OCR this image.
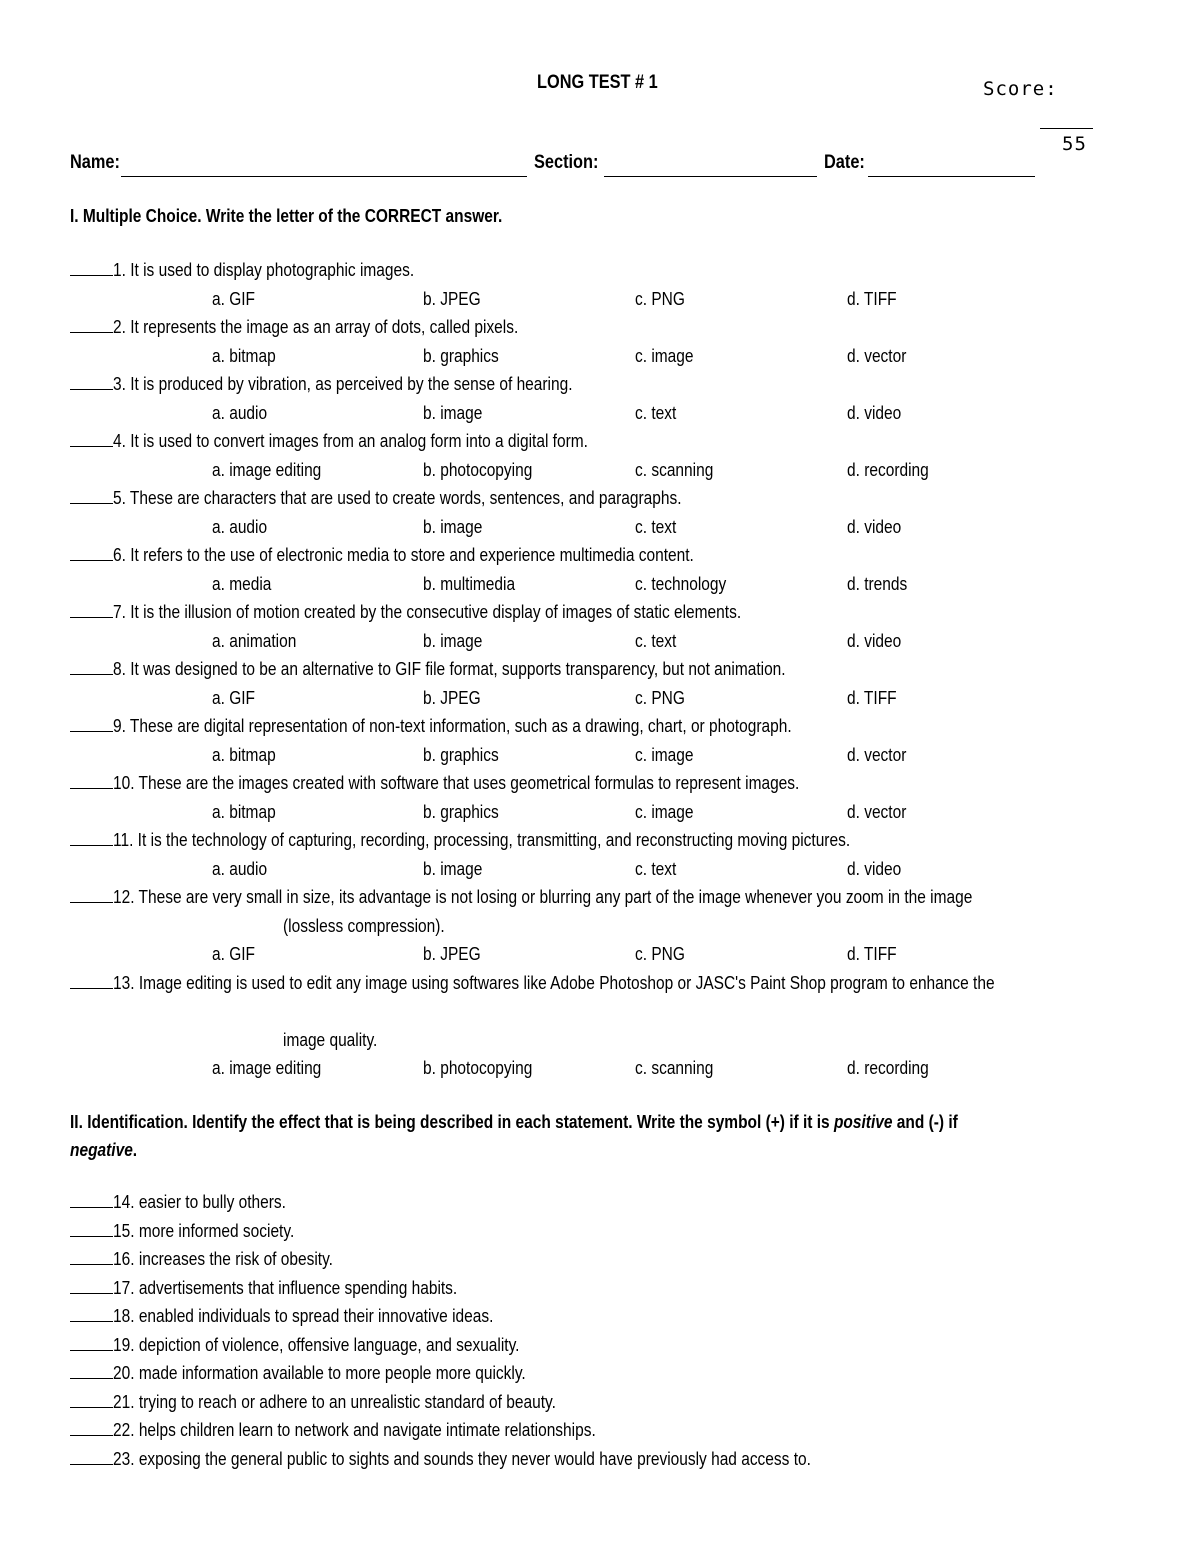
LONG TEST # 1	Score:
55
Name:	Section:	Date:
I. Multiple Choice. Write the letter of the CORRECT answer.
1. It is used to display photographic images.
a. GIF	b. JPEG	c. PNG	d. TIFF
2. It represents the image as an array of dots, called pixels.
a. bitmap	b. graphics	c. image	d. vector
3. It is produced by vibration, as perceived by the sense of hearing.
a. audio	b. image	c. text	d. video
4. It is used to convert images from an analog form into a digital form.
a. image editing	b. photocopying	c. scanning	d. recording
5. These are characters that are used to create words, sentences, and paragraphs.
a. audio	b. image	c. text	d. video
6. It refers to the use of electronic media to store and experience multimedia content.
a. media	b. multimedia	c. technology	d. trends
7. It is the illusion of motion created by the consecutive display of images of static elements.
a. animation	b. image	c. text	d. video
8. It was designed to be an alternative to GIF file format, supports transparency, but not animation.
a. GIF	b. JPEG	c. PNG	d. TIFF
9. These are digital representation of non-text information, such as a drawing, chart, or photograph.
a. bitmap	b. graphics	c. image	d. vector
10. These are the images created with software that uses geometrical formulas to represent images.
a. bitmap	b. graphics	c. image	d. vector
11. It is the technology of capturing, recording, processing, transmitting, and reconstructing moving pictures.
a. audio	b. image	c. text	d. video
12. These are very small in size, its advantage is not losing or blurring any part of the image whenever you zoom in the image
(lossless compression).
a. GIF	b. JPEG	c. PNG	d. TIFF
13. Image editing is used to edit any image using softwares like Adobe Photoshop or JASC's Paint Shop program to enhance the
image quality.
a. image editing	b. photocopying	c. scanning	d. recording
II. Identification. Identify the effect that is being described in each statement. Write the symbol (+) if it is positive and (-) if
negative.
14. easier to bully others.
15. more informed society.
16. increases the risk of obesity.
17. advertisements that influence spending habits.
18. enabled individuals to spread their innovative ideas.
19. depiction of violence, offensive language, and sexuality.
20. made information available to more people more quickly.
21. trying to reach or adhere to an unrealistic standard of beauty.
22. helps children learn to network and navigate intimate relationships.
23. exposing the general public to sights and sounds they never would have previously had access to.
